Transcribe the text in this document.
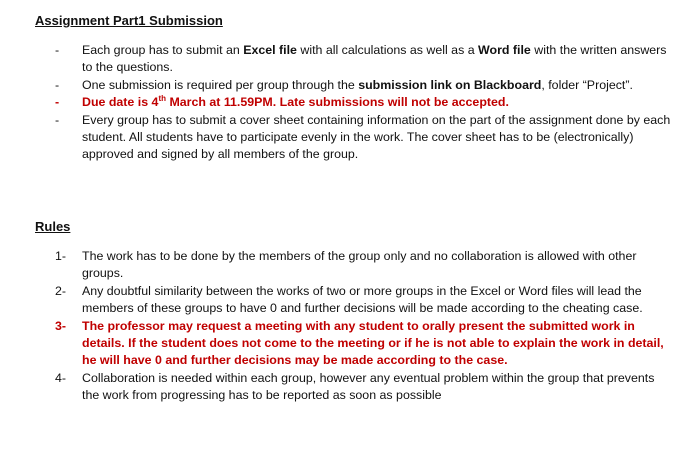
Assignment Part1 Submission
-	Each group has to submit an Excel file with all calculations as well as a Word file with the written answers to the questions.
-	One submission is required per group through the submission link on Blackboard, folder “Project”.
-	Due date is 4th March at 11.59PM. Late submissions will not be accepted.
-	Every group has to submit a cover sheet containing information on the part of the assignment done by each student. All students have to participate evenly in the work. The cover sheet has to be (electronically) approved and signed by all members of the group.
Rules
1-	The work has to be done by the members of the group only and no collaboration is allowed with other groups.
2-	Any doubtful similarity between the works of two or more groups in the Excel or Word files will lead the members of these groups to have 0 and further decisions will be made according to the cheating case.
3-	The professor may request a meeting with any student to orally present the submitted work in details. If the student does not come to the meeting or if he is not able to explain the work in detail, he will have 0 and further decisions may be made according to the case.
4-	Collaboration is needed within each group, however any eventual problem within the group that prevents the work from progressing has to be reported as soon as possible
